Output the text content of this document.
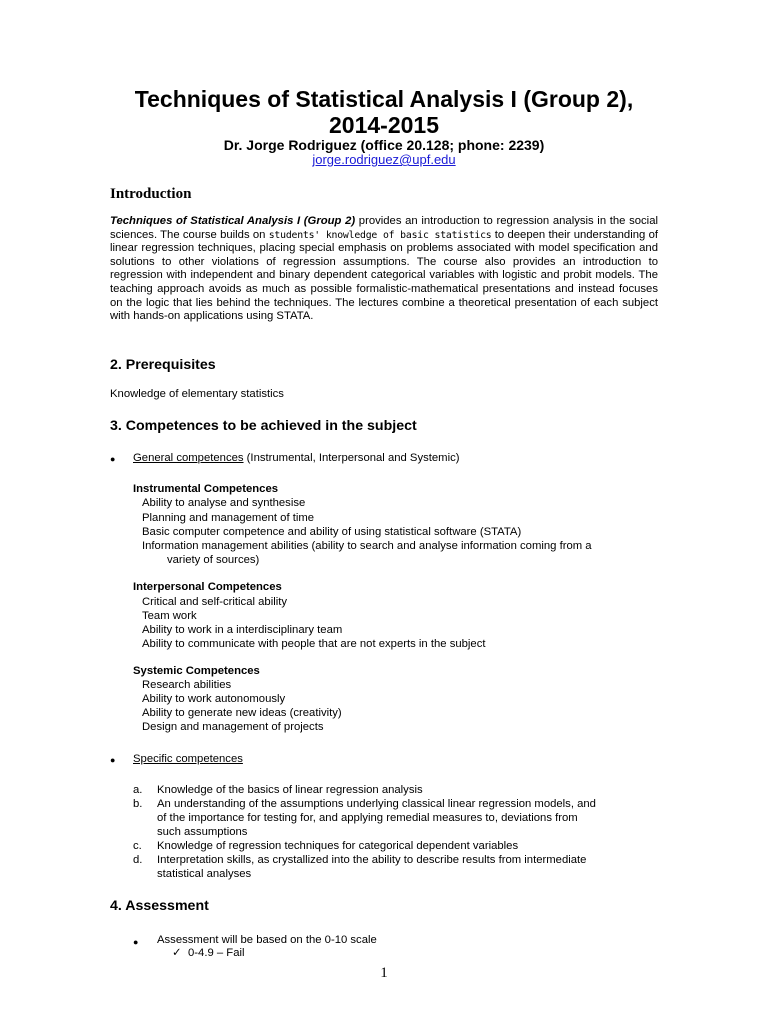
Techniques of Statistical Analysis I (Group 2),
2014-2015
Dr. Jorge Rodriguez (office 20.128; phone: 2239)
jorge.rodriguez@upf.edu
Introduction
Techniques of Statistical Analysis I (Group 2) provides an introduction to regression analysis in the social sciences. The course builds on students' knowledge of basic statistics to deepen their understanding of linear regression techniques, placing special emphasis on problems associated with model specification and solutions to other violations of regression assumptions. The course also provides an introduction to regression with independent and binary dependent categorical variables with logistic and probit models. The teaching approach avoids as much as possible formalistic-mathematical presentations and instead focuses on the logic that lies behind the techniques. The lectures combine a theoretical presentation of each subject with hands-on applications using STATA.
2. Prerequisites
Knowledge of elementary statistics
3. Competences to be achieved in the subject
● General competences (Instrumental, Interpersonal and Systemic)
Instrumental Competences
Ability to analyse and synthesise
Planning and management of time
Basic computer competence and ability of using statistical software (STATA)
Information management abilities (ability to search and analyse information coming from a
variety of sources)
Interpersonal Competences
Critical and self-critical ability
Team work
Ability to work in a interdisciplinary team
Ability to communicate with people that are not experts in the subject
Systemic Competences
Research abilities
Ability to work autonomously
Ability to generate new ideas (creativity)
Design and management of projects
● Specific competences
a. Knowledge of the basics of linear regression analysis
b. An understanding of the assumptions underlying classical linear regression models, and
of the importance for testing for, and applying remedial measures to, deviations from
such assumptions
c. Knowledge of regression techniques for categorical dependent variables
d. Interpretation skills, as crystallized into the ability to describe results from intermediate
statistical analyses
4. Assessment
● Assessment will be based on the 0-10 scale
✓ 0-4.9 – Fail
1
